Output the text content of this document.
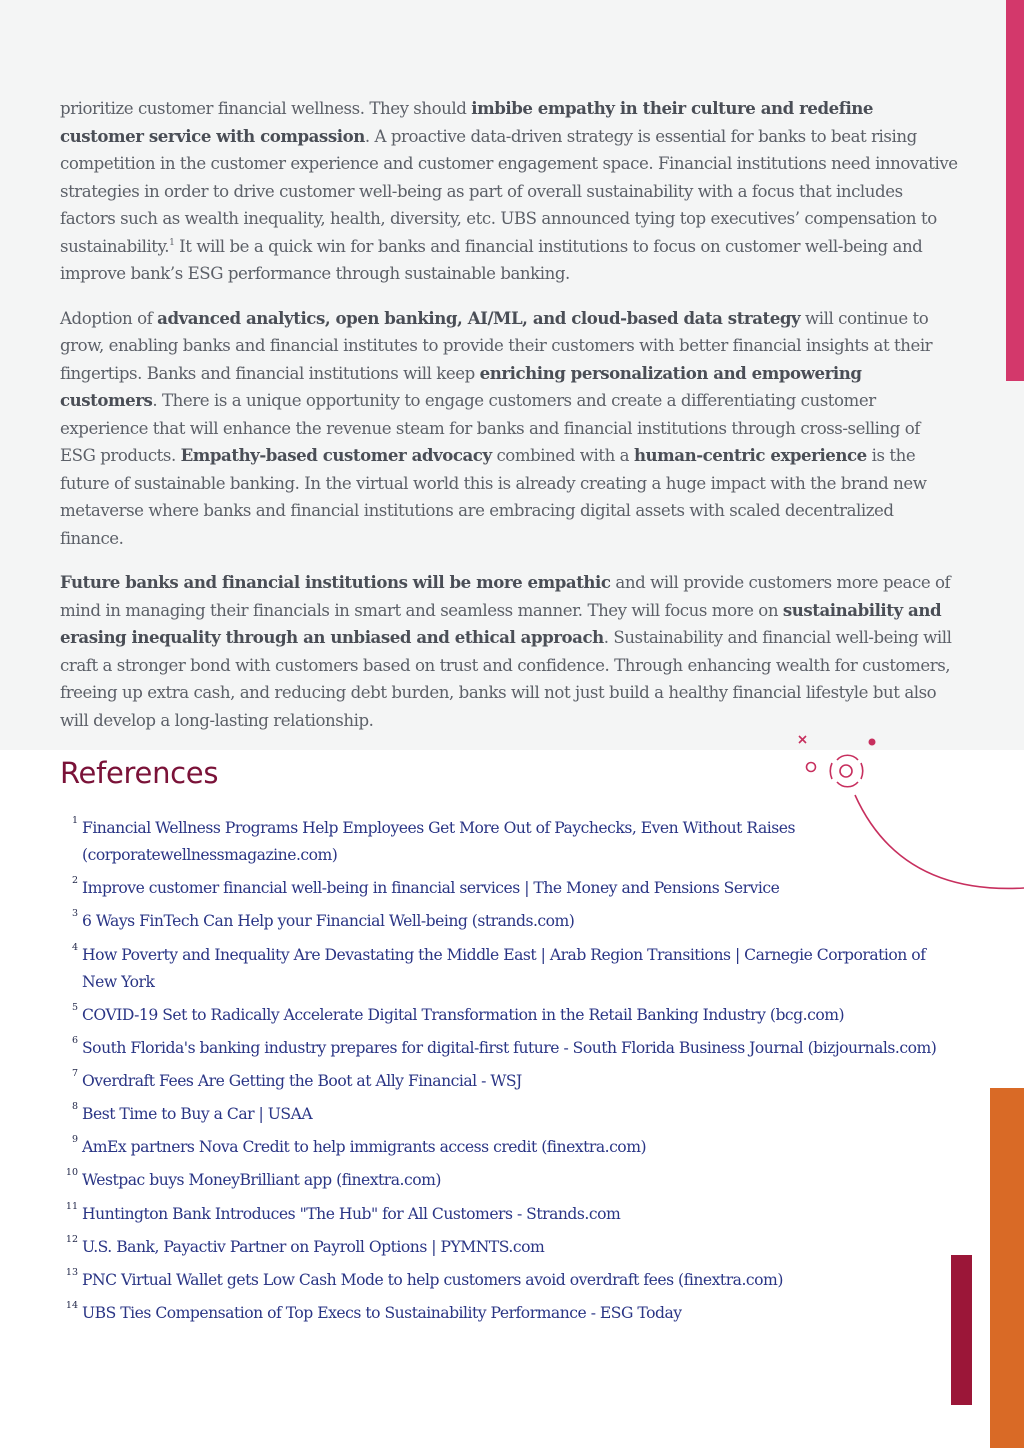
prioritize customer financial wellness. They should imbibe empathy in their culture and redefine customer service with compassion. A proactive data-driven strategy is essential for banks to beat rising competition in the customer experience and customer engagement space. Financial institutions need innovative strategies in order to drive customer well-being as part of overall sustainability with a focus that includes factors such as wealth inequality, health, diversity, etc. UBS announced tying top executives’ compensation to sustainability.$^1$ It will be a quick win for banks and financial institutions to focus on customer well-being and improve bank’s ESG performance through sustainable banking.

Adoption of advanced analytics, open banking, AI/ML, and cloud-based data strategy will continue to grow, enabling banks and financial institutes to provide their customers with better financial insights at their fingertips. Banks and financial institutions will keep enriching personalization and empowering customers. There is a unique opportunity to engage customers and create a differentiating customer experience that will enhance the revenue steam for banks and financial institutions through cross-selling of ESG products. Empathy-based customer advocacy combined with a human-centric experience is the future of sustainable banking. In the virtual world this is already creating a huge impact with the brand new metaverse where banks and financial institutions are embracing digital assets with scaled decentralized finance.

Future banks and financial institutions will be more empathic and will provide customers more peace of mind in managing their financials in smart and seamless manner. They will focus more on sustainability and erasing inequality through an unbiased and ethical approach. Sustainability and financial well-being will craft a stronger bond with customers based on trust and confidence. Through enhancing wealth for customers, freeing up extra cash, and reducing debt burden, banks will not just build a healthy financial lifestyle but also will develop a long-lasting relationship.

References
1 Financial Wellness Programs Help Employees Get More Out of Paychecks, Even Without Raises (corporatewellnessmagazine.com)
2 Improve customer financial well-being in financial services | The Money and Pensions Service
3 6 Ways FinTech Can Help your Financial Well-being (strands.com)
4 How Poverty and Inequality Are Devastating the Middle East | Arab Region Transitions | Carnegie Corporation of New York
5 COVID-19 Set to Radically Accelerate Digital Transformation in the Retail Banking Industry (bcg.com)
6 South Florida's banking industry prepares for digital-first future - South Florida Business Journal (bizjournals.com)
7 Overdraft Fees Are Getting the Boot at Ally Financial - WSJ
8 Best Time to Buy a Car | USAA
9 AmEx partners Nova Credit to help immigrants access credit (finextra.com)
10 Westpac buys MoneyBrilliant app (finextra.com)
11 Huntington Bank Introduces "The Hub" for All Customers - Strands.com
12 U.S. Bank, Payactiv Partner on Payroll Options | PYMNTS.com
13 PNC Virtual Wallet gets Low Cash Mode to help customers avoid overdraft fees (finextra.com)
14 UBS Ties Compensation of Top Execs to Sustainability Performance - ESG Today
